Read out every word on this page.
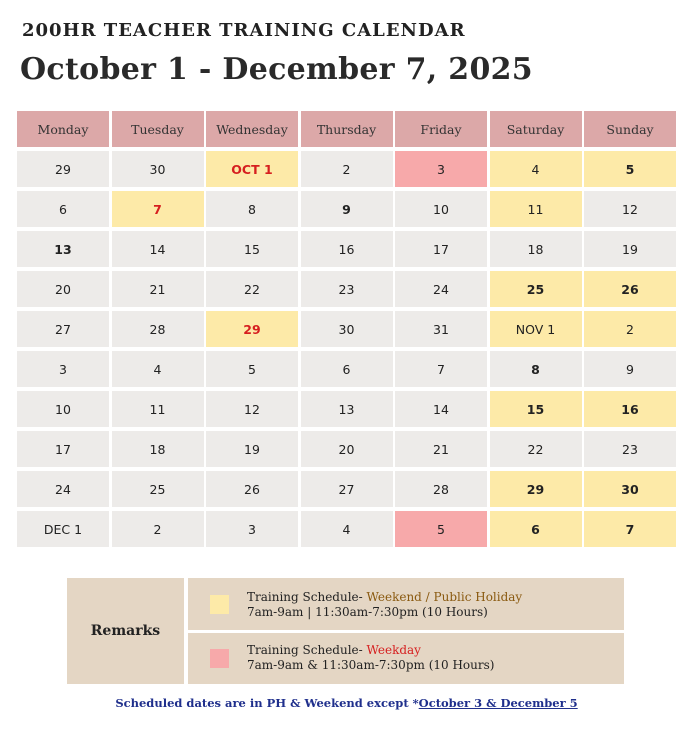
200HR TEACHER TRAINING CALENDAR
October 1 - December 7, 2025
Monday	Tuesday	Wednesday	Thursday	Friday	Saturday	Sunday
29	30	OCT 1	2	3	4	5
6	7	8	9	10	11	12
13	14	15	16	17	18	19
20	21	22	23	24	25	26
27	28	29	30	31	NOV 1	2
3	4	5	6	7	8	9
10	11	12	13	14	15	16
17	18	19	20	21	22	23
24	25	26	27	28	29	30
DEC 1	2	3	4	5	6	7
Remarks
Training Schedule- Weekend / Public Holiday
7am-9am | 11:30am-7:30pm (10 Hours)
Training Schedule- Weekday
7am-9am & 11:30am-7:30pm (10 Hours)
Scheduled dates are in PH & Weekend except *October 3 & December 5
